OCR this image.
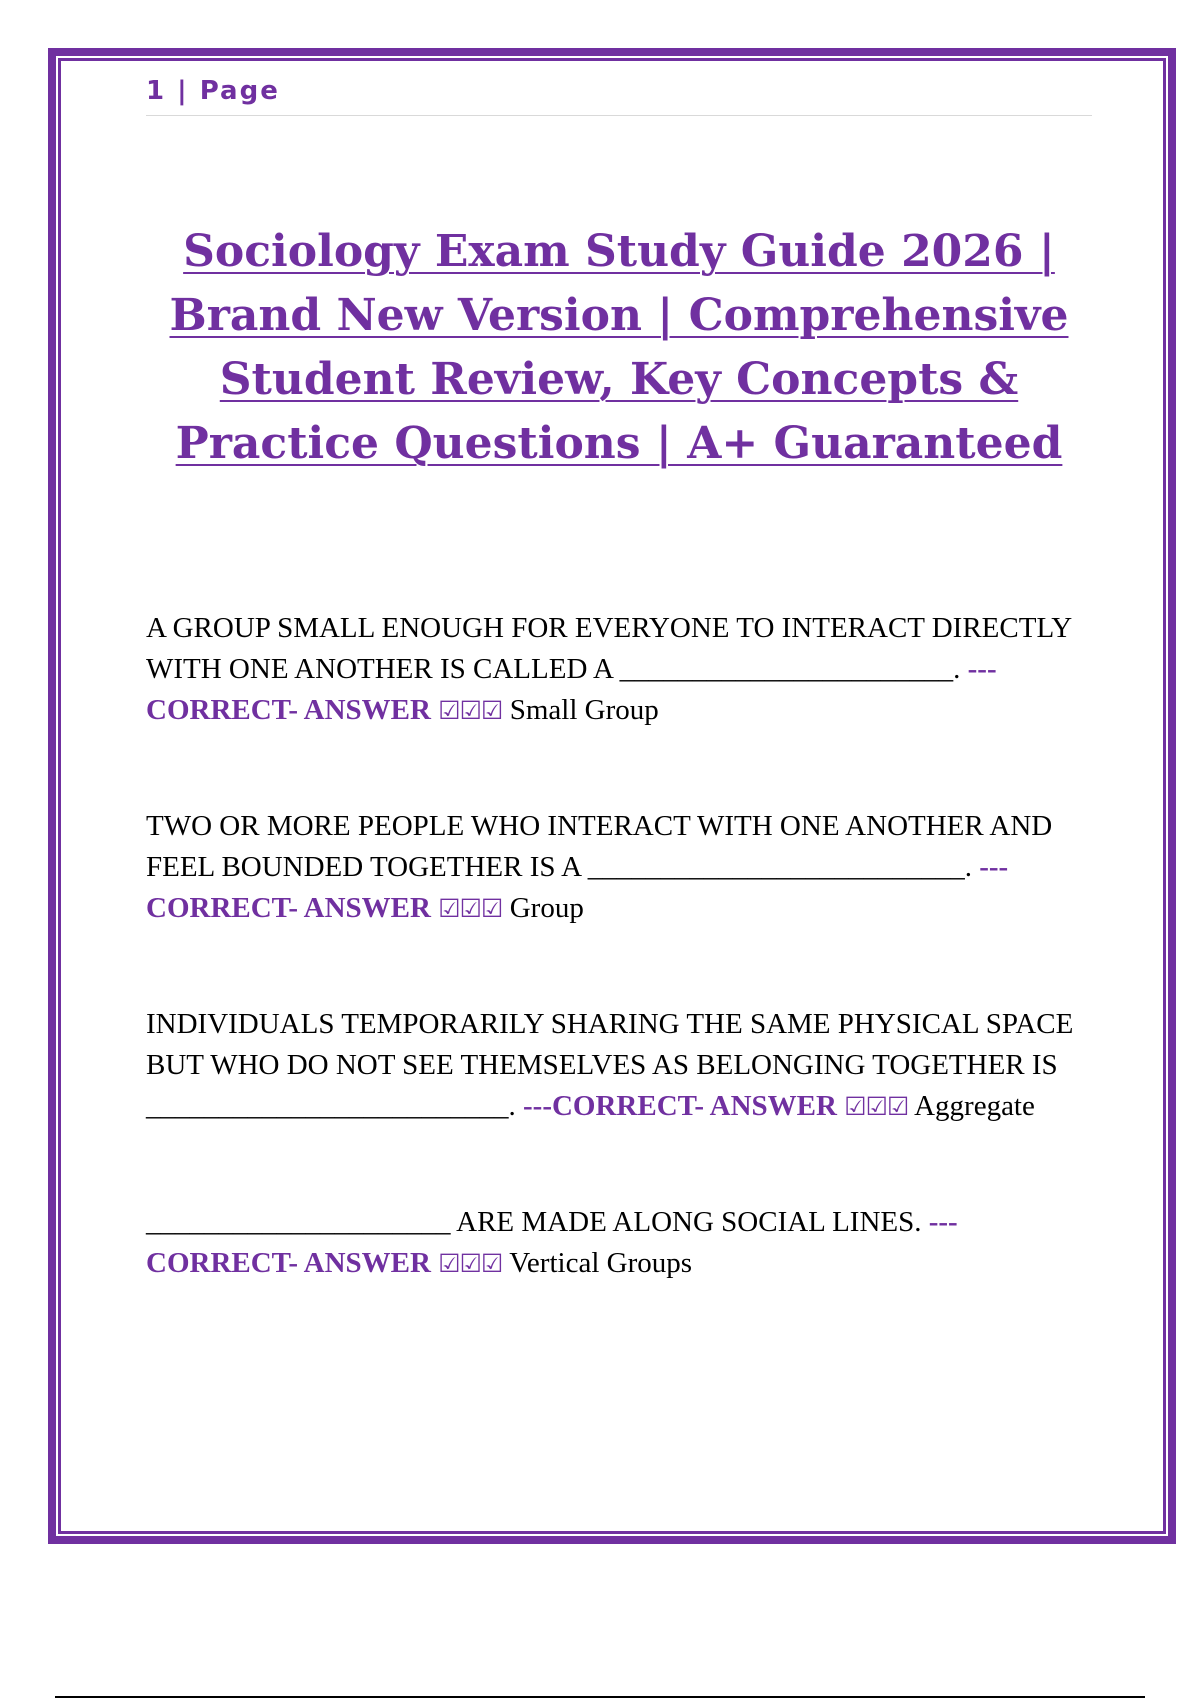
1 | Page
Sociology Exam Study Guide 2026 | Brand New Version | Comprehensive Student Review, Key Concepts & Practice Questions | A+ Guaranteed
A GROUP SMALL ENOUGH FOR EVERYONE TO INTERACT DIRECTLY WITH ONE ANOTHER IS CALLED A _______________________. ---CORRECT- ANSWER ☑☑☑ Small Group
TWO OR MORE PEOPLE WHO INTERACT WITH ONE ANOTHER AND FEEL BOUNDED TOGETHER IS A __________________________. ---CORRECT- ANSWER ☑☑☑ Group
INDIVIDUALS TEMPORARILY SHARING THE SAME PHYSICAL SPACE BUT WHO DO NOT SEE THEMSELVES AS BELONGING TOGETHER IS _________________________. ---CORRECT- ANSWER ☑☑☑ Aggregate
_____________________ ARE MADE ALONG SOCIAL LINES. ---CORRECT- ANSWER ☑☑☑ Vertical Groups
